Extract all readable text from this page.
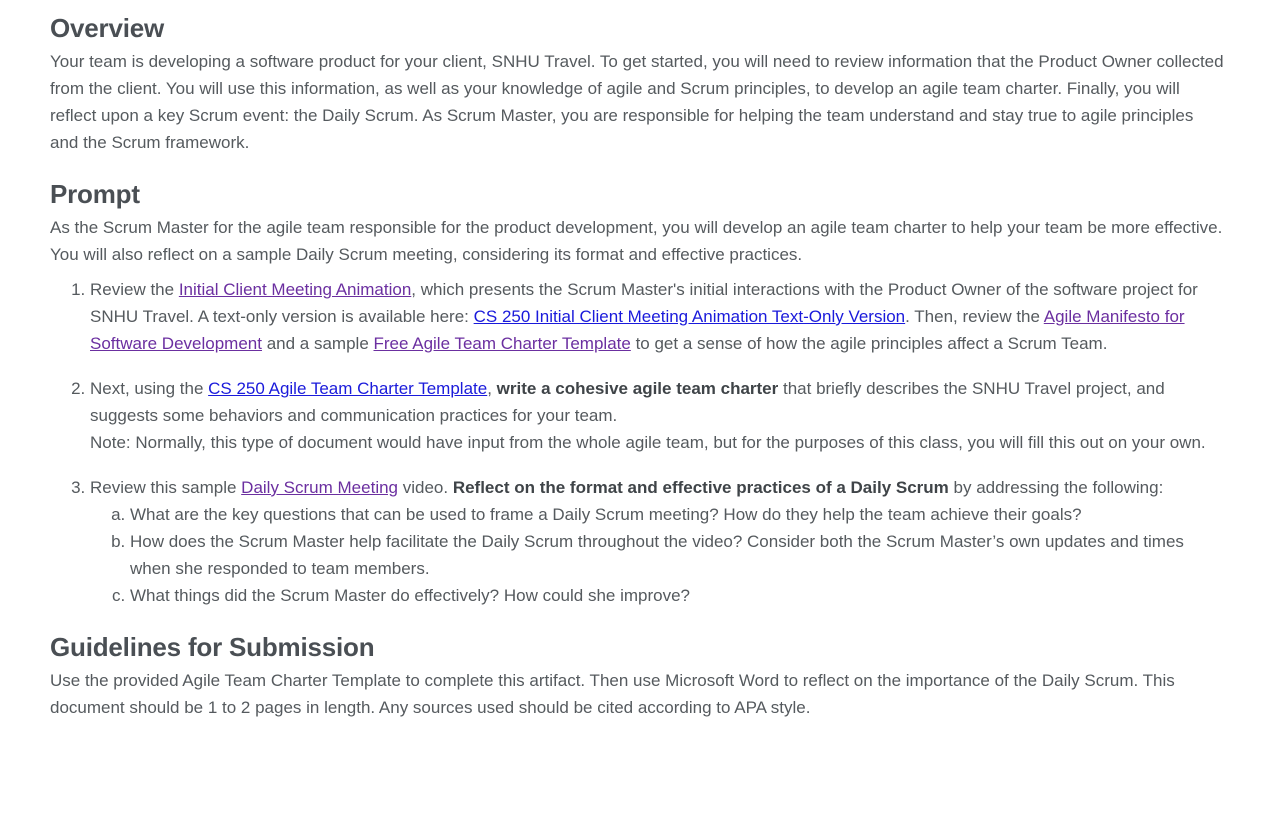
Overview

Your team is developing a software product for your client, SNHU Travel. To get started, you will need to review information that the Product Owner collected from the client. You will use this information, as well as your knowledge of agile and Scrum principles, to develop an agile team charter. Finally, you will reflect upon a key Scrum event: the Daily Scrum. As Scrum Master, you are responsible for helping the team understand and stay true to agile principles and the Scrum framework.

Prompt

As the Scrum Master for the agile team responsible for the product development, you will develop an agile team charter to help your team be more effective. You will also reflect on a sample Daily Scrum meeting, considering its format and effective practices.

1. Review the Initial Client Meeting Animation, which presents the Scrum Master's initial interactions with the Product Owner of the software project for SNHU Travel. A text-only version is available here: CS 250 Initial Client Meeting Animation Text-Only Version. Then, review the Agile Manifesto for Software Development and a sample Free Agile Team Charter Template to get a sense of how the agile principles affect a Scrum Team.
2. Next, using the CS 250 Agile Team Charter Template, write a cohesive agile team charter that briefly describes the SNHU Travel project, and suggests some behaviors and communication practices for your team.
Note: Normally, this type of document would have input from the whole agile team, but for the purposes of this class, you will fill this out on your own.
3. Review this sample Daily Scrum Meeting video. Reflect on the format and effective practices of a Daily Scrum by addressing the following:
a. What are the key questions that can be used to frame a Daily Scrum meeting? How do they help the team achieve their goals?
b. How does the Scrum Master help facilitate the Daily Scrum throughout the video? Consider both the Scrum Master’s own updates and times when she responded to team members.
c. What things did the Scrum Master do effectively? How could she improve?
Guidelines for Submission

Use the provided Agile Team Charter Template to complete this artifact. Then use Microsoft Word to reflect on the importance of the Daily Scrum. This document should be 1 to 2 pages in length. Any sources used should be cited according to APA style.
